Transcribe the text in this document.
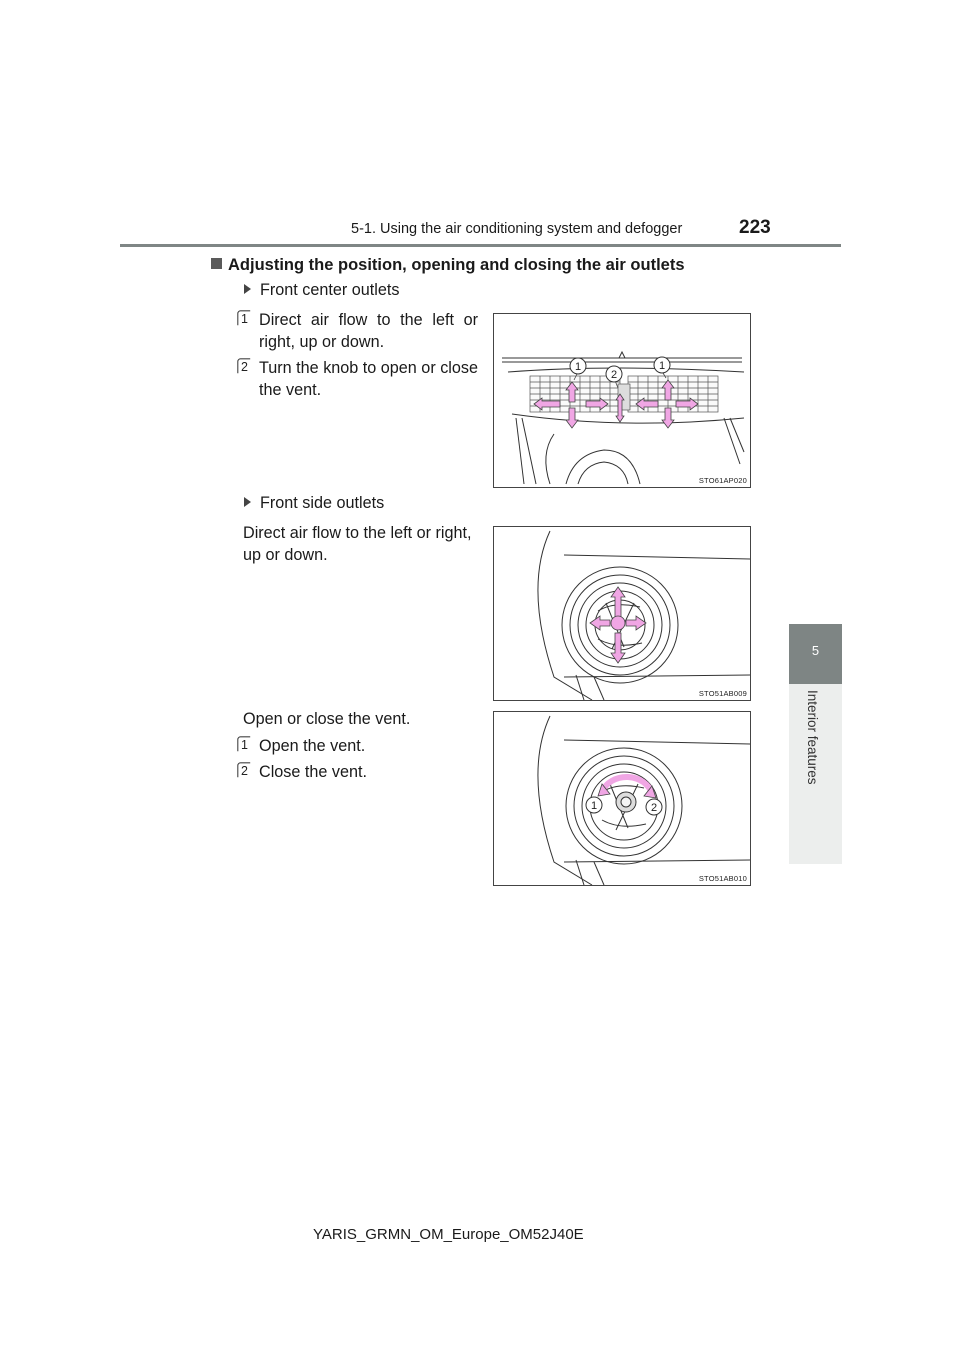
5-1. Using the air conditioning system and defogger	223
5
Interior features
Adjusting the position, opening and closing the air outlets
Front center outlets
1 Direct air flow to the left or right, up or down.
2 Turn the knob to open or close the vent.
1
2
1
STO61AP020
Front side outlets
Direct air flow to the left or right, up or down.
STO51AB009
Open or close the vent.
1 Open the vent.
2 Close the vent.
1	2
STO51AB010
YARIS_GRMN_OM_Europe_OM52J40E
